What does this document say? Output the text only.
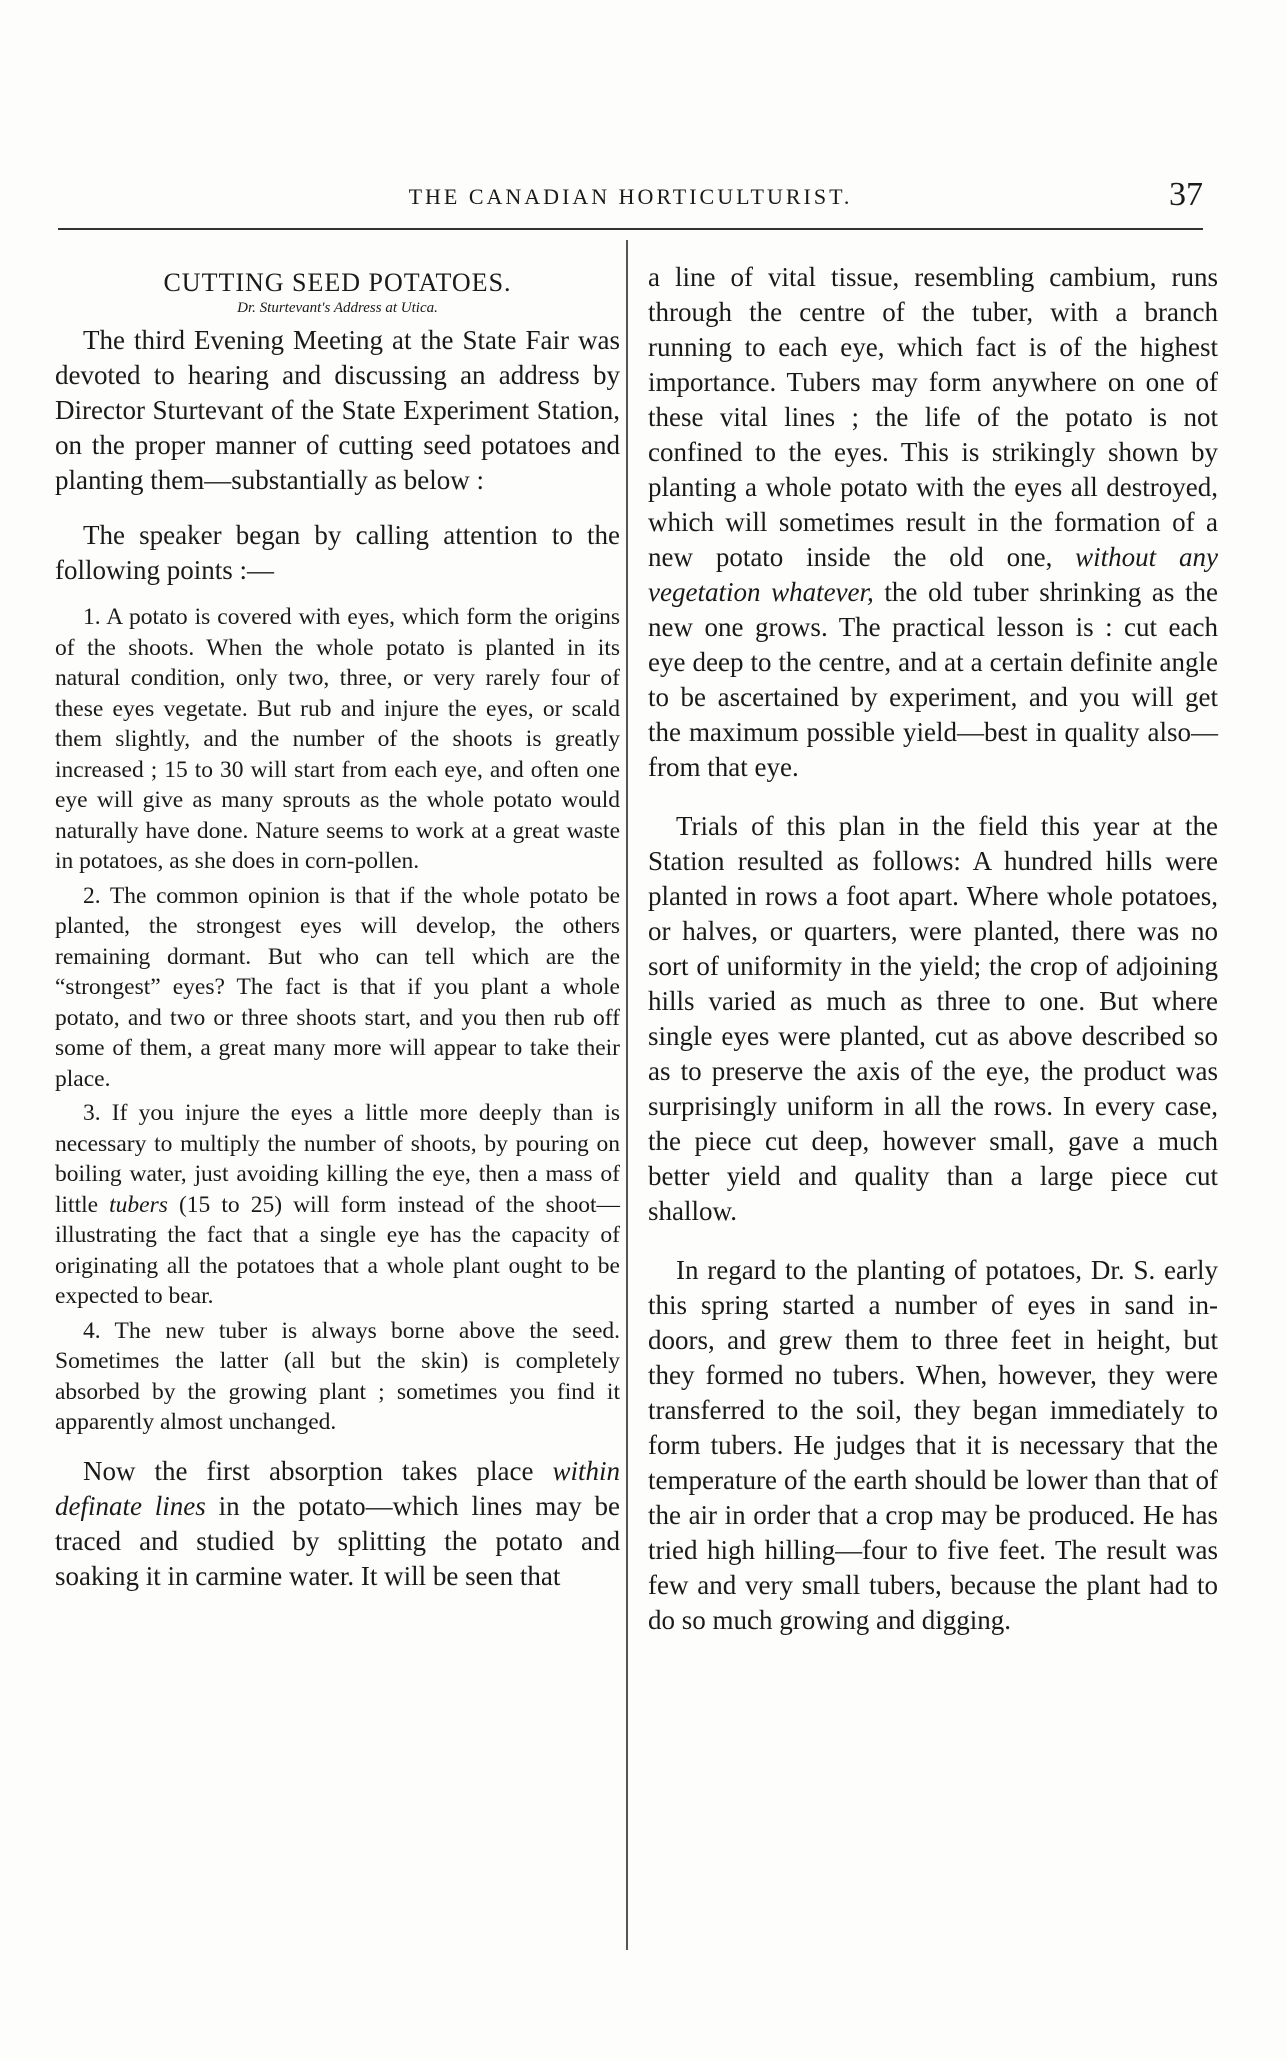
THE CANADIAN HORTICULTURIST.	37
CUTTING SEED POTATOES.
Dr. Sturtevant's Address at Utica.

The third Evening Meeting at the State Fair was devoted to hearing and discussing an address by Director Sturtevant of the State Experiment Station, on the proper manner of cutting seed potatoes and planting them—substantially as below :

The speaker began by calling attention to the following points :—

1. A potato is covered with eyes, which form the origins of the shoots. When the whole potato is planted in its natural condition, only two, three, or very rarely four of these eyes vegetate. But rub and injure the eyes, or scald them slightly, and the number of the shoots is greatly increased ; 15 to 30 will start from each eye, and often one eye will give as many sprouts as the whole potato would naturally have done. Nature seems to work at a great waste in potatoes, as she does in corn-pollen.

2. The common opinion is that if the whole potato be planted, the strongest eyes will develop, the others remaining dormant. But who can tell which are the “strongest” eyes? The fact is that if you plant a whole potato, and two or three shoots start, and you then rub off some of them, a great many more will appear to take their place.

3. If you injure the eyes a little more deeply than is necessary to multiply the number of shoots, by pouring on boiling water, just avoiding killing the eye, then a mass of little tubers (15 to 25) will form instead of the shoot—illustrating the fact that a single eye has the capacity of originating all the potatoes that a whole plant ought to be expected to bear.

4. The new tuber is always borne above the seed. Sometimes the latter (all but the skin) is completely absorbed by the growing plant ; sometimes you find it apparently almost unchanged.

Now the first absorption takes place within definate lines in the potato—which lines may be traced and studied by splitting the potato and soaking it in carmine water. It will be seen that

a line of vital tissue, resembling cambium, runs through the centre of the tuber, with a branch running to each eye, which fact is of the highest importance. Tubers may form anywhere on one of these vital lines ; the life of the potato is not confined to the eyes. This is strikingly shown by planting a whole potato with the eyes all destroyed, which will sometimes result in the formation of a new potato inside the old one, without any vegetation whatever, the old tuber shrinking as the new one grows. The practical lesson is : cut each eye deep to the centre, and at a certain definite angle to be ascertained by experiment, and you will get the maximum possible yield—best in quality also—from that eye.

Trials of this plan in the field this year at the Station resulted as follows: A hundred hills were planted in rows a foot apart. Where whole potatoes, or halves, or quarters, were planted, there was no sort of uniformity in the yield; the crop of adjoining hills varied as much as three to one. But where single eyes were planted, cut as above described so as to preserve the axis of the eye, the product was surprisingly uniform in all the rows. In every case, the piece cut deep, however small, gave a much better yield and quality than a large piece cut shallow.

In regard to the planting of potatoes, Dr. S. early this spring started a number of eyes in sand in-doors, and grew them to three feet in height, but they formed no tubers. When, however, they were transferred to the soil, they began immediately to form tubers. He judges that it is necessary that the temperature of the earth should be lower than that of the air in order that a crop may be produced. He has tried high hilling—four to five feet. The result was few and very small tubers, because the plant had to do so much growing and digging.
